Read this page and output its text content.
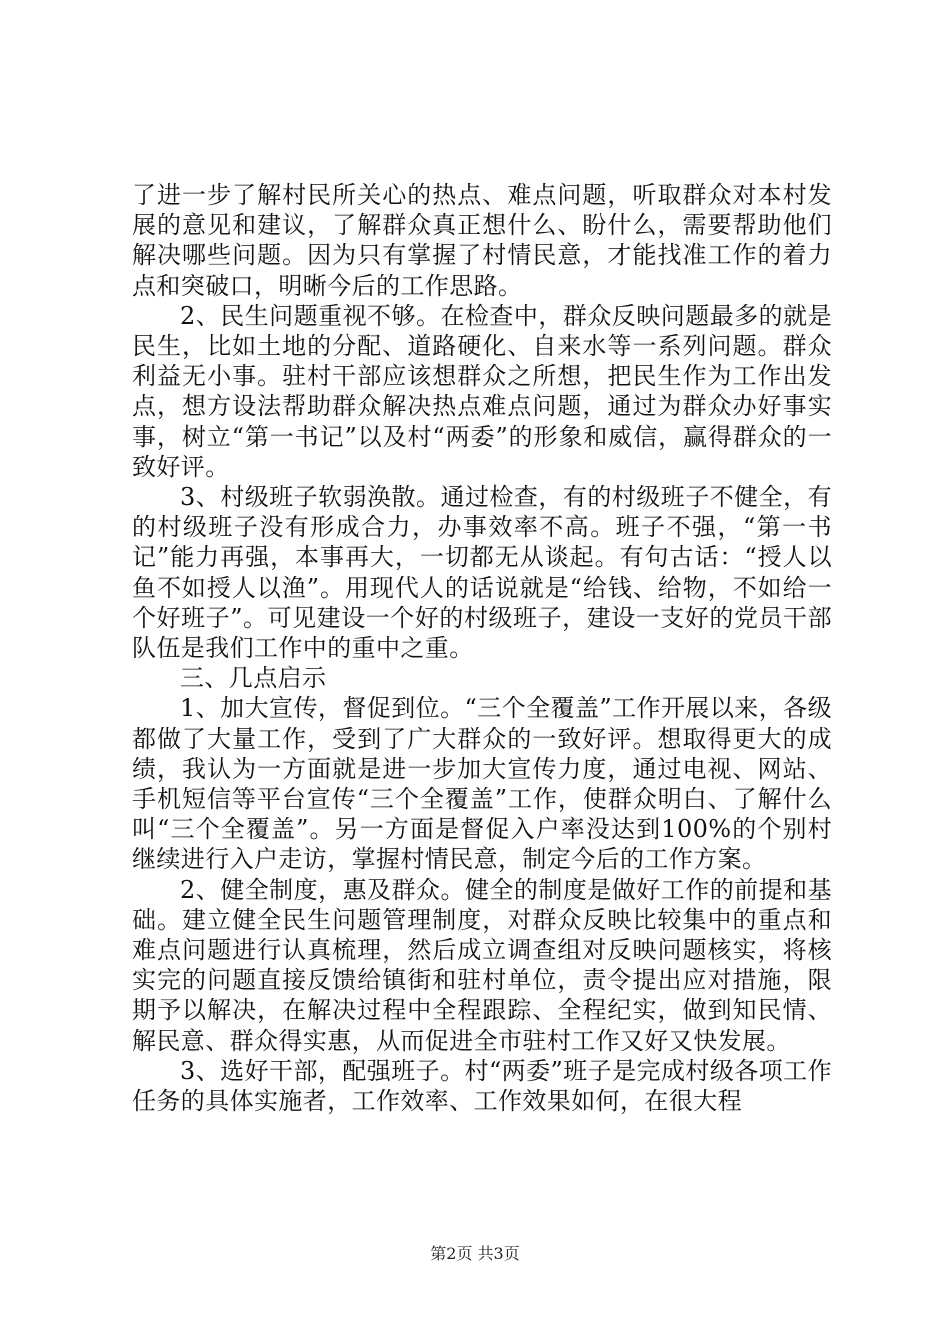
了进一步了解村民所关心的热点、难点问题，听取群众对本村发展的意见和建议，了解群众真正想什么、盼什么，需要帮助他们解决哪些问题。因为只有掌握了村情民意，才能找准工作的着力点和突破口，明晰今后的工作思路。

2、民生问题重视不够。在检查中，群众反映问题最多的就是民生，比如土地的分配、道路硬化、自来水等一系列问题。群众利益无小事。驻村干部应该想群众之所想，把民生作为工作出发点，想方设法帮助群众解决热点难点问题，通过为群众办好事实事，树立“第一书记”以及村“两委”的形象和威信，赢得群众的一致好评。

3、村级班子软弱涣散。通过检查，有的村级班子不健全，有的村级班子没有形成合力，办事效率不高。班子不强，“第一书记”能力再强，本事再大，一切都无从谈起。有句古话：“授人以鱼不如授人以渔”。用现代人的话说就是“给钱、给物，不如给一个好班子”。可见建设一个好的村级班子，建设一支好的党员干部队伍是我们工作中的重中之重。

三、几点启示

1、加大宣传，督促到位。“三个全覆盖”工作开展以来，各级都做了大量工作，受到了广大群众的一致好评。想取得更大的成绩，我认为一方面就是进一步加大宣传力度，通过电视、网站、手机短信等平台宣传“三个全覆盖”工作，使群众明白、了解什么叫“三个全覆盖”。另一方面是督促入户率没达到100%的个别村继续进行入户走访，掌握村情民意，制定今后的工作方案。

2、健全制度，惠及群众。健全的制度是做好工作的前提和基础。建立健全民生问题管理制度，对群众反映比较集中的重点和难点问题进行认真梳理，然后成立调查组对反映问题核实，将核实完的问题直接反馈给镇街和驻村单位，责令提出应对措施，限期予以解决，在解决过程中全程跟踪、全程纪实，做到知民情、解民意、群众得实惠，从而促进全市驻村工作又好又快发展。

3、选好干部，配强班子。村“两委”班子是完成村级各项工作任务的具体实施者，工作效率、工作效果如何，在很大程

第2页 共3页
